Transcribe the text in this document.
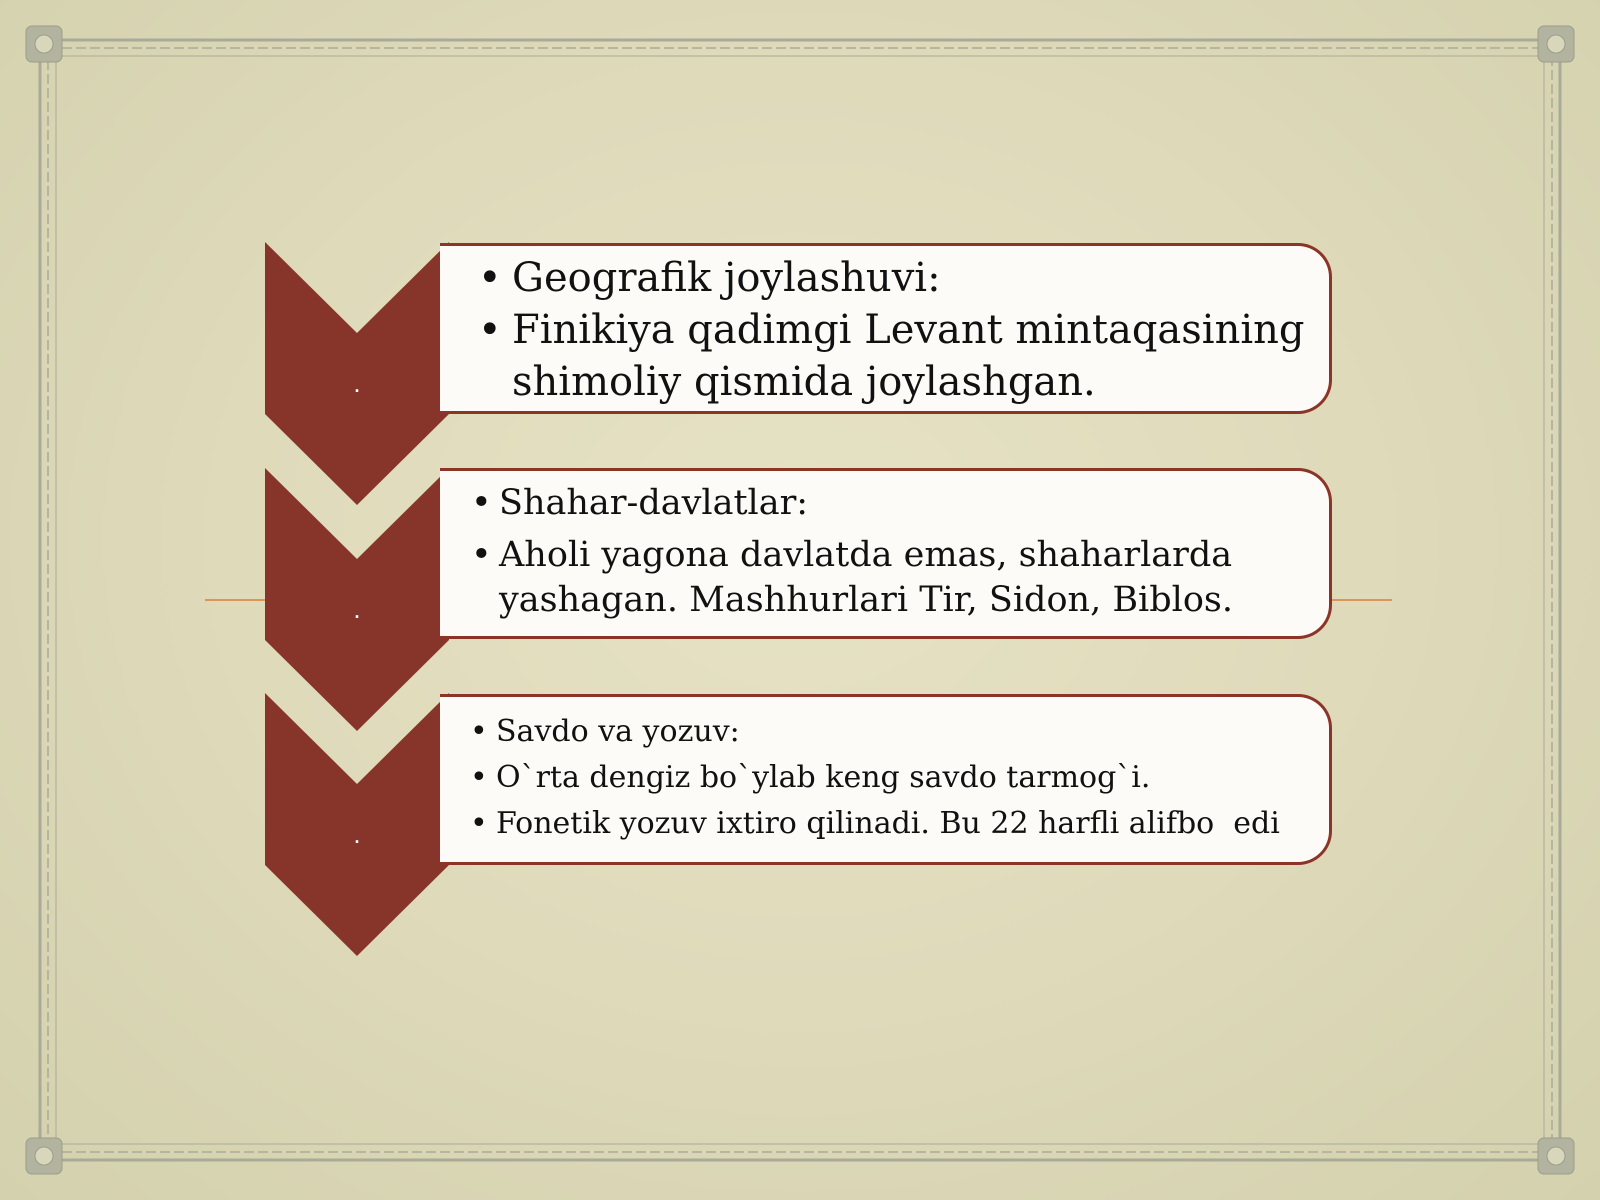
.
.
.
• Geografik joylashuvi:
• Finikiya qadimgi Levant mintaqasining shimoliy qismida joylashgan.
• Shahar-davlatlar:
• Aholi yagona davlatda emas, shaharlarda yashagan. Mashhurlari Tir, Sidon, Biblos.
• Savdo va yozuv:
• O`rta dengiz bo`ylab keng savdo tarmog`i.
• Fonetik yozuv ixtiro qilinadi. Bu 22 harfli alifbo  edi
